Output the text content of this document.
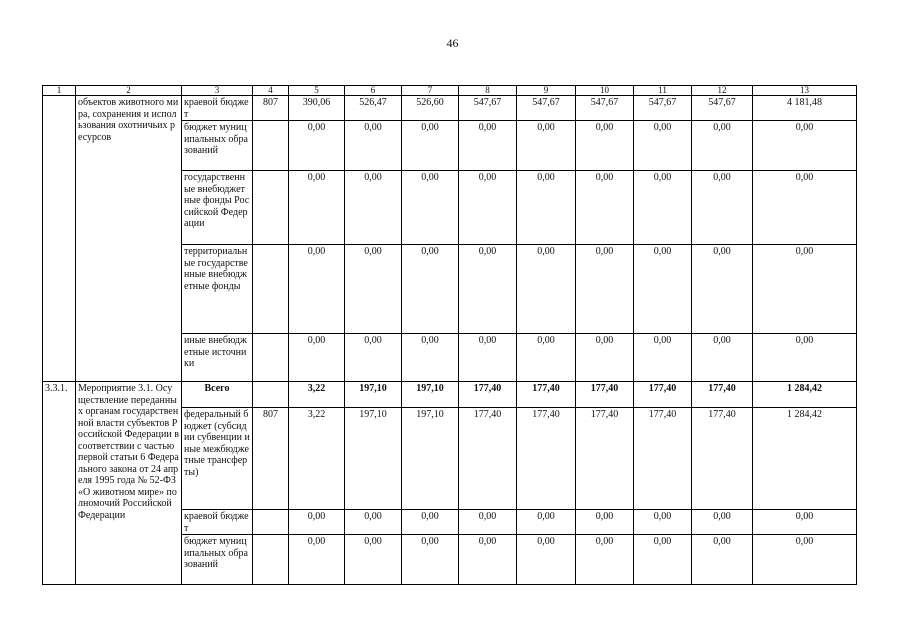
46
1	2	3	4	5	6	7	8	9	10	11	12	13
	объектов животного мира, сохранения и использования охотничьих ресурсов	краевой бюджет	807	390,06	526,47	526,60	547,67	547,67	547,67	547,67	547,67	4 181,48
		бюджет муниципальных образований		0,00	0,00	0,00	0,00	0,00	0,00	0,00	0,00	0,00
		государственные внебюджетные фонды Российской Федерации		0,00	0,00	0,00	0,00	0,00	0,00	0,00	0,00	0,00
		территориальные государственные внебюджетные фонды		0,00	0,00	0,00	0,00	0,00	0,00	0,00	0,00	0,00
		иные внебюджетные источники		0,00	0,00	0,00	0,00	0,00	0,00	0,00	0,00	0,00
3.3.1.	Мероприятие 3.1. Осуществление переданных органам государственной власти субъектов Российской Федерации в соответствии с частью первой статьи 6 Федерального закона от 24 апреля 1995 года № 52-ФЗ «О животном мире» полномочий Российской Федерации	Всего		3,22	197,10	197,10	177,40	177,40	177,40	177,40	177,40	1 284,42
		федеральный бюджет (субсидии субвенции иные межбюджетные трансферты)	807	3,22	197,10	197,10	177,40	177,40	177,40	177,40	177,40	1 284,42
		краевой бюджет		0,00	0,00	0,00	0,00	0,00	0,00	0,00	0,00	0,00
		бюджет муниципальных образований		0,00	0,00	0,00	0,00	0,00	0,00	0,00	0,00	0,00
